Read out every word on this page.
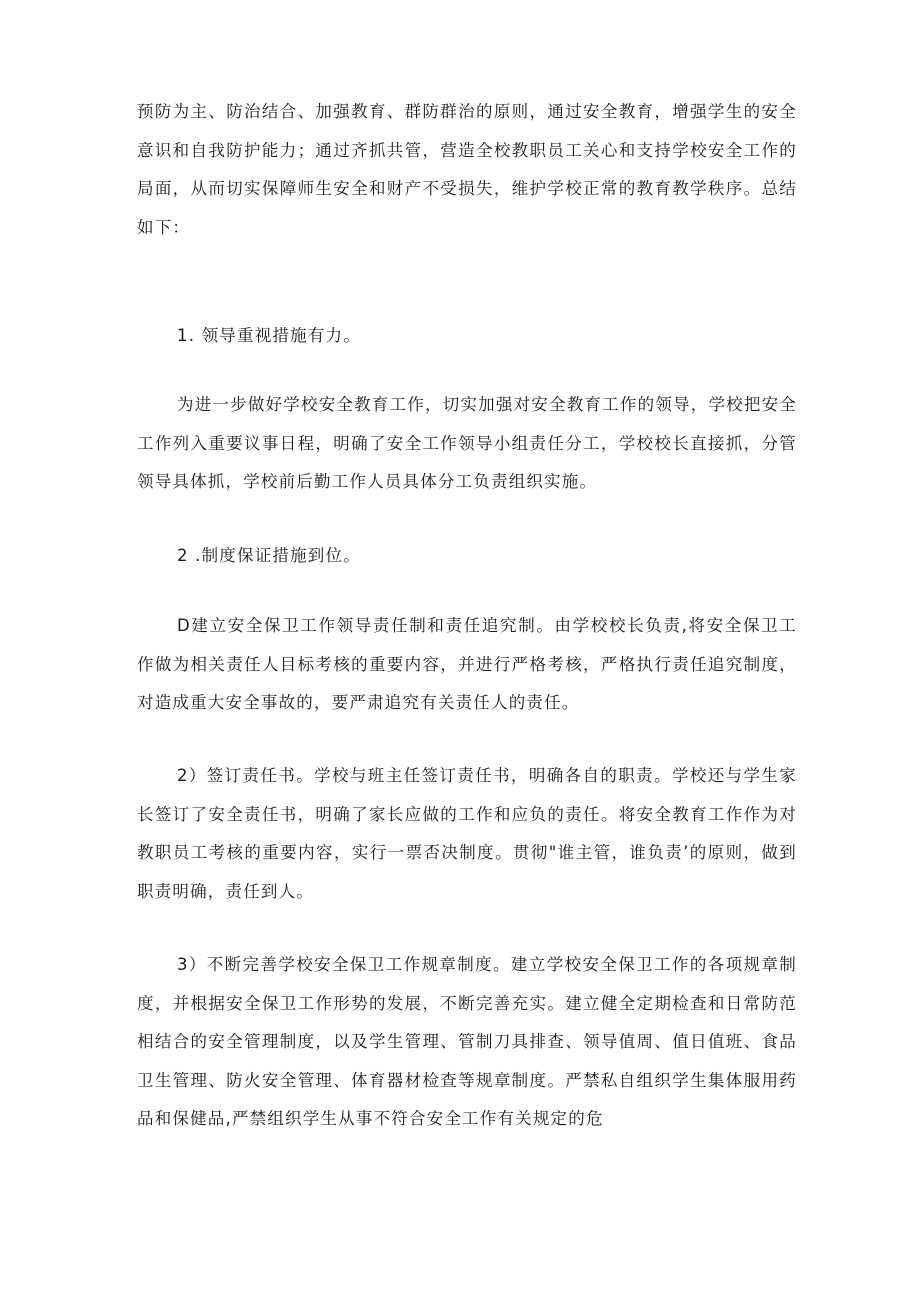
预防为主、防治结合、加强教育、群防群治的原则，通过安全教育，增强学生的安全意识和自我防护能力；通过齐抓共管，营造全校教职员工关心和支持学校安全工作的局面，从而切实保障师生安全和财产不受损失，维护学校正常的教育教学秩序。总结如下：

1. 领导重视措施有力。

为进一步做好学校安全教育工作，切实加强对安全教育工作的领导，学校把安全工作列入重要议事日程，明确了安全工作领导小组责任分工，学校校长直接抓，分管领导具体抓，学校前后勤工作人员具体分工负责组织实施。

2 .制度保证措施到位。

D建立安全保卫工作领导责任制和责任追究制。由学校校长负责,将安全保卫工作做为相关责任人目标考核的重要内容，并进行严格考核，严格执行责任追究制度，对造成重大安全事故的，要严肃追究有关责任人的责任。

2）签订责任书。学校与班主任签订责任书，明确各自的职责。学校还与学生家长签订了安全责任书，明确了家长应做的工作和应负的责任。将安全教育工作作为对教职员工考核的重要内容，实行一票否决制度。贯彻"谁主管，谁负责’的原则，做到职责明确，责任到人。

3）不断完善学校安全保卫工作规章制度。建立学校安全保卫工作的各项规章制度，并根据安全保卫工作形势的发展，不断完善充实。建立健全定期检查和日常防范相结合的安全管理制度，以及学生管理、管制刀具排查、领导值周、值日值班、食品卫生管理、防火安全管理、体育器材检查等规章制度。严禁私自组织学生集体服用药品和保健品,严禁组织学生从事不符合安全工作有关规定的危
